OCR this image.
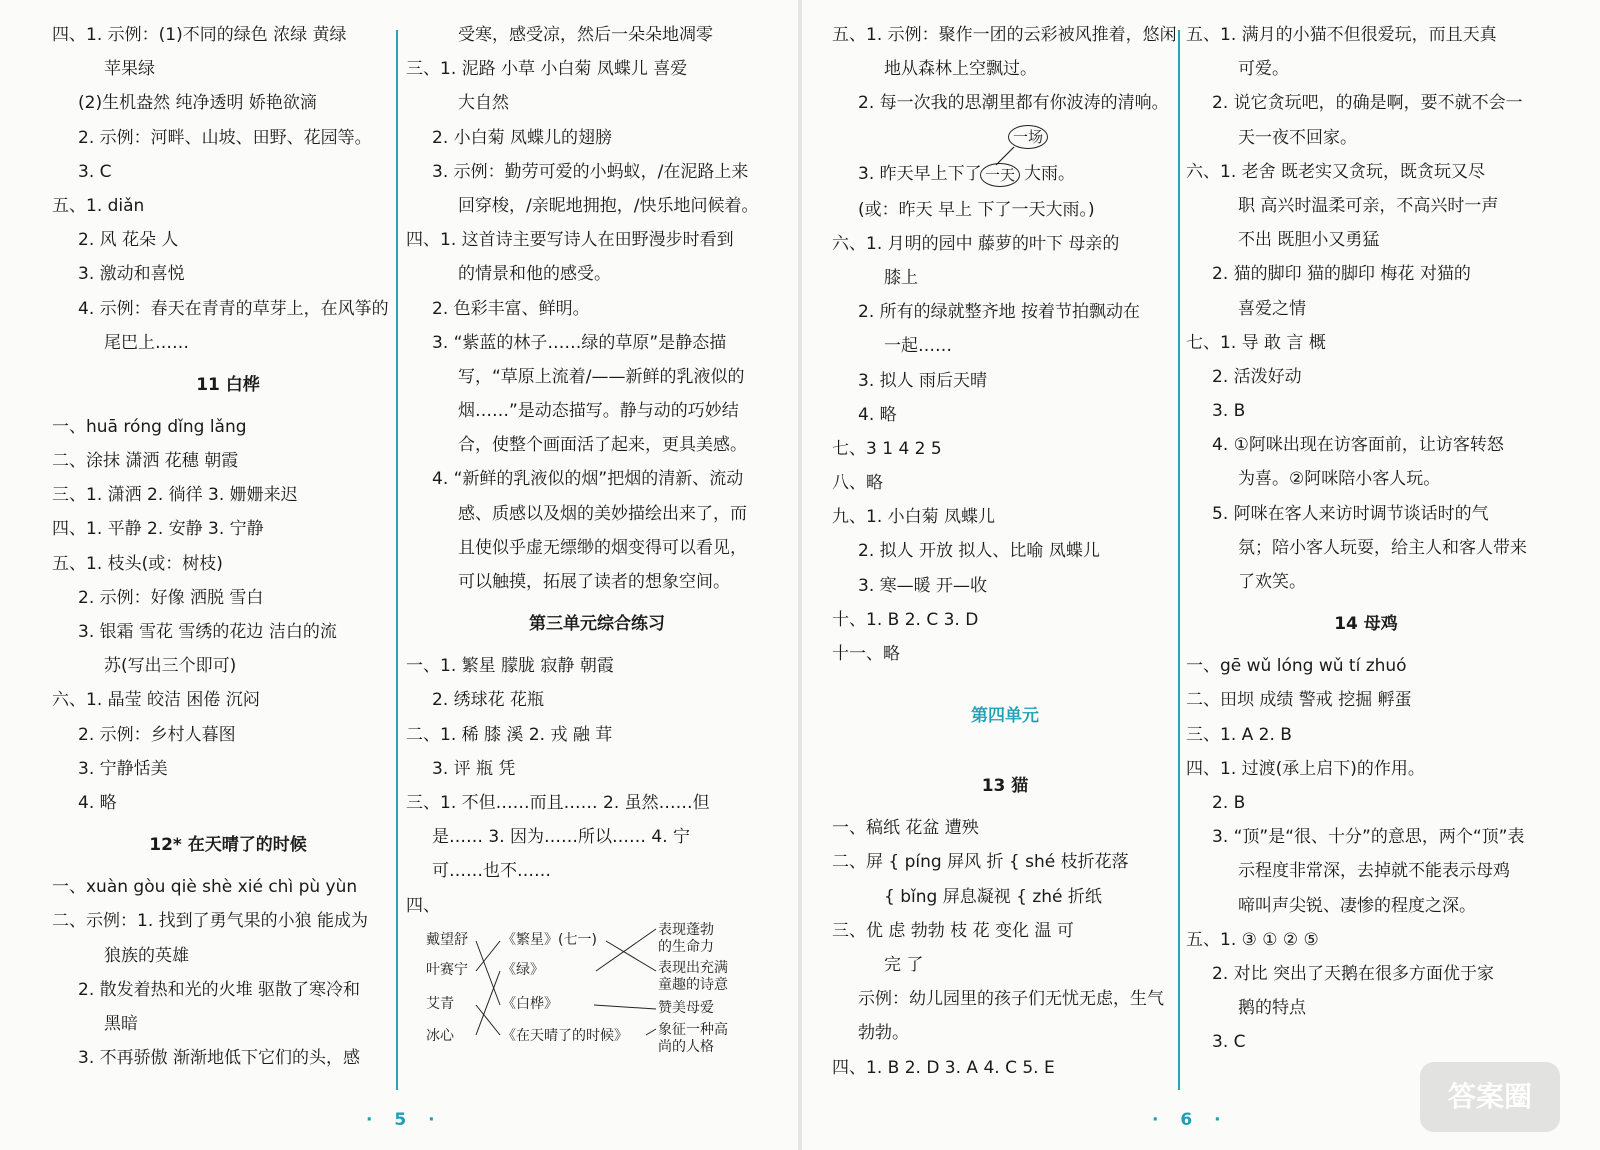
四、1. 示例：(1)不同的绿色 浓绿 黄绿
苹果绿
(2)生机盎然 纯净透明 娇艳欲滴
2. 示例：河畔、山坡、田野、花园等。
3. C
五、1. diǎn
2. 风 花朵 人
3. 激动和喜悦
4. 示例：春天在青青的草芽上，在风筝的
尾巴上……
11 白桦
一、huā róng dǐng lǎng
二、涂抹 潇洒 花穗 朝霞
三、1. 潇洒 2. 徜徉 3. 姗姗来迟
四、1. 平静 2. 安静 3. 宁静
五、1. 枝头(或：树枝)
2. 示例：好像 洒脱 雪白
3. 银霜 雪花 雪绣的花边 洁白的流
苏(写出三个即可)
六、1. 晶莹 皎洁 困倦 沉闷
2. 示例：乡村人暮图
3. 宁静恬美
4. 略
12* 在天晴了的时候
一、xuàn gòu qiè shè xié chì pù yùn
二、示例：1. 找到了勇气果的小狼 能成为
狼族的英雄
2. 散发着热和光的火堆 驱散了寒冷和
黑暗
3. 不再骄傲 渐渐地低下它们的头，感
受寒，感受凉，然后一朵朵地凋零
三、1. 泥路 小草 小白菊 凤蝶儿 喜爱
大自然
2. 小白菊 凤蝶儿的翅膀
3. 示例：勤劳可爱的小蚂蚁，/在泥路上来
回穿梭，/亲昵地拥抱，/快乐地问候着。
四、1. 这首诗主要写诗人在田野漫步时看到
的情景和他的感受。
2. 色彩丰富、鲜明。
3. “紫蓝的林子……绿的草原”是静态描
写，“草原上流着/——新鲜的乳液似的
烟……”是动态描写。静与动的巧妙结
合，使整个画面活了起来，更具美感。
4. “新鲜的乳液似的烟”把烟的清新、流动
感、质感以及烟的美妙描绘出来了，而
且使似乎虚无缥缈的烟变得可以看见，
可以触摸，拓展了读者的想象空间。
第三单元综合练习
一、1. 繁星 朦胧 寂静 朝霞
2. 绣球花 花瓶
二、1. 稀 膝 溪 2. 戎 融 茸
3. 评 瓶 凭
三、1. 不但……而且…… 2. 虽然……但
是…… 3. 因为……所以…… 4. 宁
可……也不……
四、
戴望舒
叶赛宁
艾青
冰心
《繁星》(七一)
《绿》
《白桦》
《在天晴了的时候》
表现蓬勃
的生命力
表现出充满
童趣的诗意
赞美母爱
象征一种高
尚的人格
· 5 ·
五、1. 示例：聚作一团的云彩被风推着，悠闲
地从森林上空飘过。
2. 每一次我的思潮里都有你波涛的清响。
3. 昨天早上下了 一天
一场
大雨。
(或：昨天 早上 下了一天大雨。)
六、1. 月明的园中 藤萝的叶下 母亲的
膝上
2. 所有的绿就整齐地 按着节拍飘动在
一起……
3. 拟人 雨后天晴
4. 略
七、3 1 4 2 5
八、略
九、1. 小白菊 凤蝶儿
2. 拟人 开放 拟人、比喻 凤蝶儿
3. 寒—暖 开—收
十、1. B 2. C 3. D
十一、略
第四单元
13 猫
一、稿纸 花盆 遭殃
二、屏 { píng 屏风 折 { shé 枝折花落
{ bǐng 屏息凝视 { zhé 折纸
三、优 虑 勃勃 枝 花 变化 温 可
完 了
示例：幼儿园里的孩子们无忧无虑，生气
勃勃。
四、1. B 2. D 3. A 4. C 5. E
五、1. 满月的小猫不但很爱玩，而且天真
可爱。
2. 说它贪玩吧，的确是啊，要不就不会一
天一夜不回家。
六、1. 老舍 既老实又贪玩，既贪玩又尽
职 高兴时温柔可亲，不高兴时一声
不出 既胆小又勇猛
2. 猫的脚印 猫的脚印 梅花 对猫的
喜爱之情
七、1. 导 敢 言 概
2. 活泼好动
3. B
4. ①阿咪出现在访客面前，让访客转怒
为喜。②阿咪陪小客人玩。
5. 阿咪在客人来访时调节谈话时的气
氛；陪小客人玩耍，给主人和客人带来
了欢笑。
14 母鸡
一、gē wǔ lóng wǔ tí zhuó
二、田坝 成绩 警戒 挖掘 孵蛋
三、1. A 2. B
四、1. 过渡(承上启下)的作用。
2. B
3. “顶”是“很、十分”的意思，两个“顶”表
示程度非常深，去掉就不能表示母鸡
啼叫声尖锐、凄惨的程度之深。
五、1. ③ ① ② ⑤
2. 对比 突出了天鹅在很多方面优于家
鹅的特点
3. C
· 6 ·
答案圈
